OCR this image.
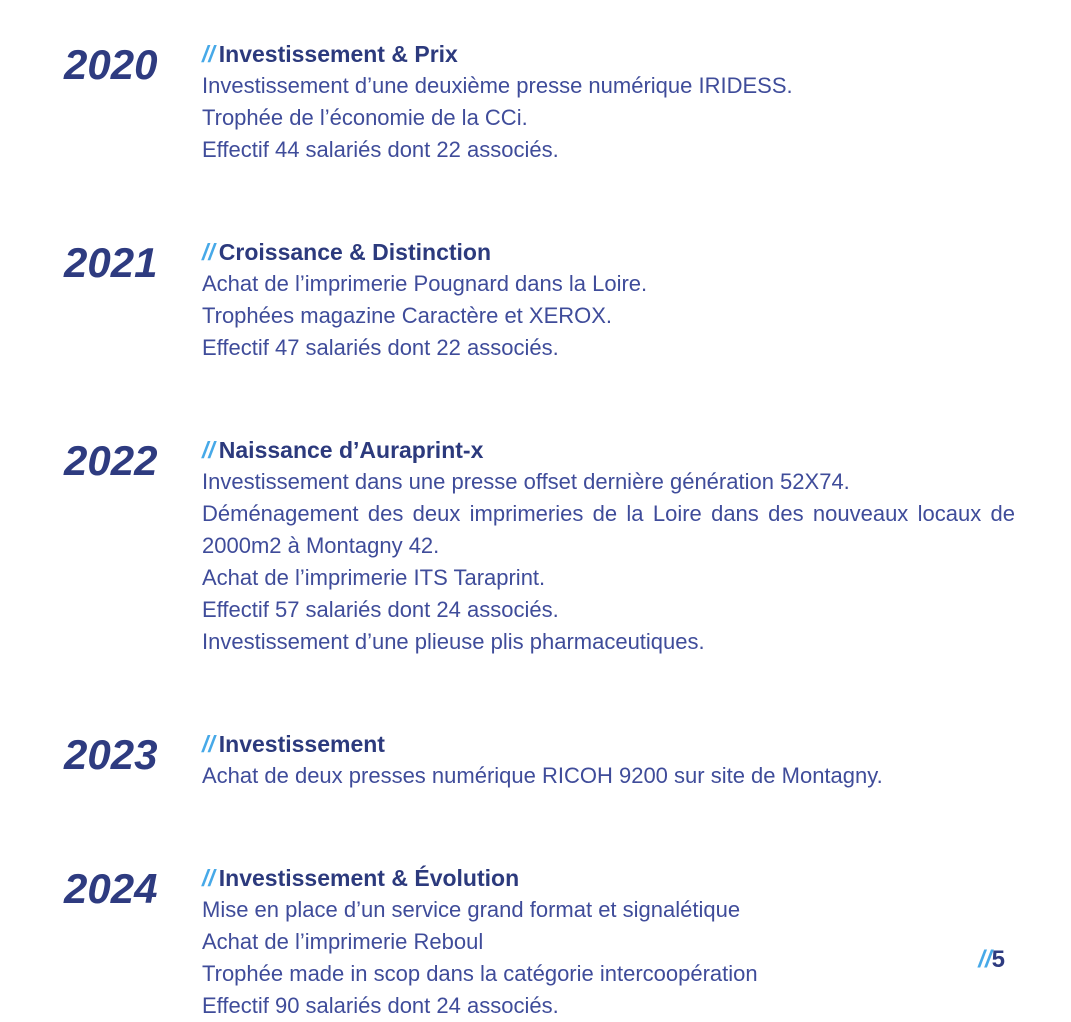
2020	// Investissement & Prix

Investissement d’une deuxième presse numérique IRIDESS.

Trophée de l’économie de la CCi.

Effectif 44 salariés dont 22 associés.

2021	// Croissance & Distinction

Achat de l’imprimerie Pougnard dans la Loire.

Trophées magazine Caractère et XEROX.

Effectif 47 salariés dont 22 associés.

2022	// Naissance d’Auraprint-x

Investissement dans une presse offset dernière génération 52X74.

Déménagement des deux imprimeries de la Loire dans des nouveaux locaux de 2000m2 à Montagny 42.

Achat de l’imprimerie ITS Taraprint.

Effectif 57 salariés dont 24 associés.

Investissement d’une plieuse plis pharmaceutiques.

2023	// Investissement

Achat de deux presses numérique RICOH 9200 sur site de Montagny.

2024	// Investissement & Évolution

Mise en place d’un service grand format et signalétique

Achat de l’imprimerie Reboul

Trophée made in scop dans la catégorie intercoopération

Effectif 90 salariés dont 24 associés.

//5
